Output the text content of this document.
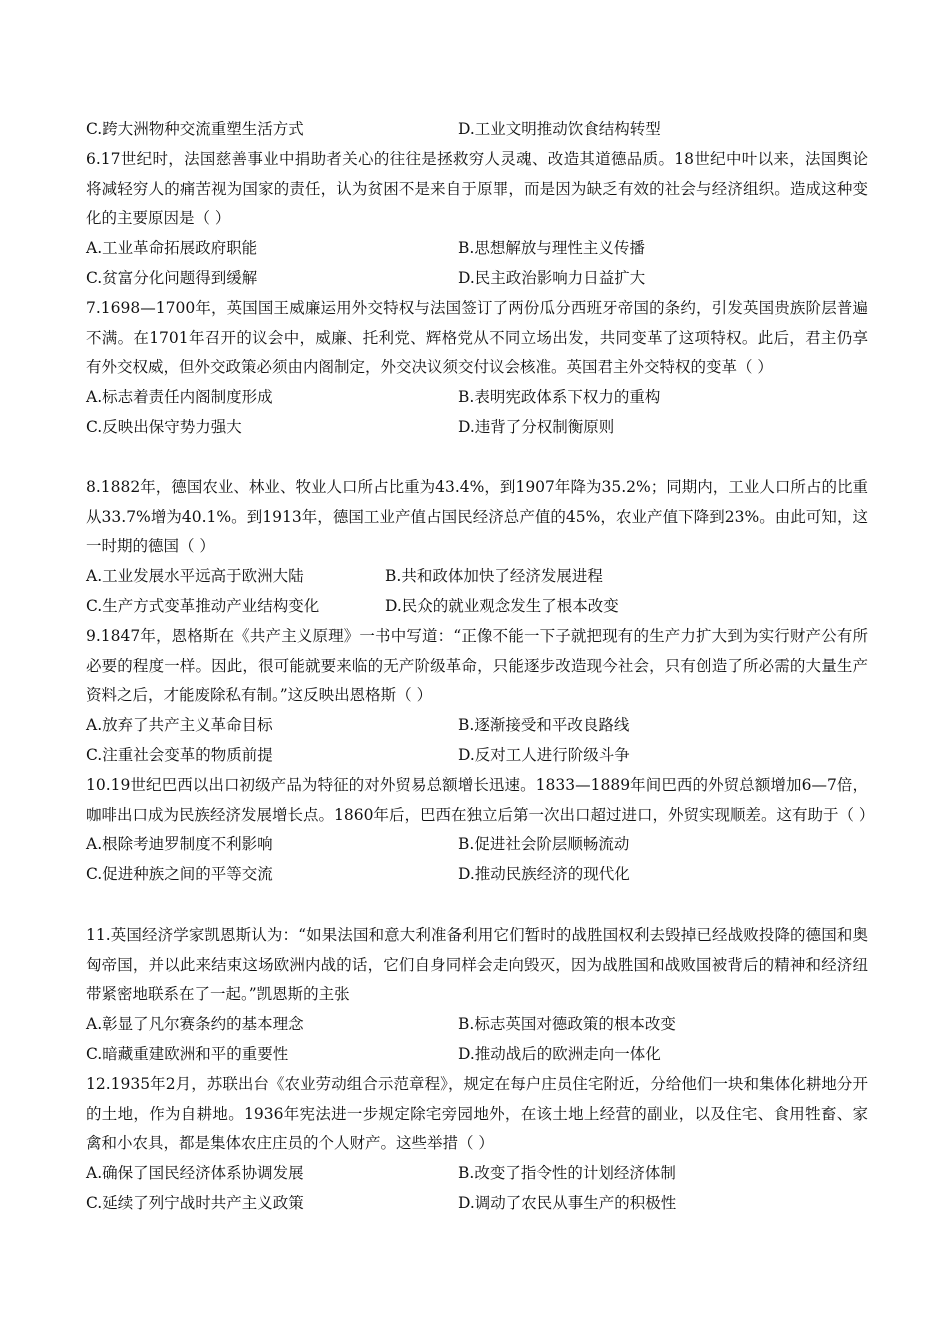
C.跨大洲物种交流重塑生活方式	D.工业文明推动饮食结构转型

6.17世纪时，法国慈善事业中捐助者关心的往往是拯救穷人灵魂、改造其道德品质。18世纪中叶以来，法国舆论将减轻穷人的痛苦视为国家的责任，认为贫困不是来自于原罪，而是因为缺乏有效的社会与经济组织。造成这种变化的主要原因是（ ）

A.工业革命拓展政府职能	B.思想解放与理性主义传播
C.贫富分化问题得到缓解	D.民主政治影响力日益扩大

7.1698—1700年，英国国王威廉运用外交特权与法国签订了两份瓜分西班牙帝国的条约，引发英国贵族阶层普遍不满。在1701年召开的议会中，威廉、托利党、辉格党从不同立场出发，共同变革了这项特权。此后，君主仍享有外交权威，但外交政策必须由内阁制定，外交决议须交付议会核准。英国君主外交特权的变革（ ）

A.标志着责任内阁制度形成	B.表明宪政体系下权力的重构
C.反映出保守势力强大	D.违背了分权制衡原则

8.1882年，德国农业、林业、牧业人口所占比重为43.4%，到1907年降为35.2%；同期内，工业人口所占的比重从33.7%增为40.1%。到1913年，德国工业产值占国民经济总产值的45%，农业产值下降到23%。由此可知，这一时期的德国（ ）

A.工业发展水平远高于欧洲大陆	B.共和政体加快了经济发展进程
C.生产方式变革推动产业结构变化	D.民众的就业观念发生了根本改变

9.1847年，恩格斯在《共产主义原理》一书中写道：“正像不能一下子就把现有的生产力扩大到为实行财产公有所必要的程度一样。因此，很可能就要来临的无产阶级革命，只能逐步改造现今社会，只有创造了所必需的大量生产资料之后，才能废除私有制。”这反映出恩格斯（ ）

A.放弃了共产主义革命目标	B.逐渐接受和平改良路线
C.注重社会变革的物质前提	D.反对工人进行阶级斗争

10.19世纪巴西以出口初级产品为特征的对外贸易总额增长迅速。1833—1889年间巴西的外贸总额增加6—7倍，咖啡出口成为民族经济发展增长点。1860年后，巴西在独立后第一次出口超过进口，外贸实现顺差。这有助于（ ）

A.根除考迪罗制度不利影响	B.促进社会阶层顺畅流动
C.促进种族之间的平等交流	D.推动民族经济的现代化

11.英国经济学家凯恩斯认为：“如果法国和意大利准备利用它们暂时的战胜国权利去毁掉已经战败投降的德国和奥匈帝国，并以此来结束这场欧洲内战的话，它们自身同样会走向毁灭，因为战胜国和战败国被背后的精神和经济纽带紧密地联系在了一起。”凯恩斯的主张

A.彰显了凡尔赛条约的基本理念	B.标志英国对德政策的根本改变
C.暗藏重建欧洲和平的重要性	D.推动战后的欧洲走向一体化

12.1935年2月，苏联出台《农业劳动组合示范章程》，规定在每户庄员住宅附近，分给他们一块和集体化耕地分开的土地，作为自耕地。1936年宪法进一步规定除宅旁园地外，在该土地上经营的副业，以及住宅、食用牲畜、家禽和小农具，都是集体农庄庄员的个人财产。这些举措（ ）

A.确保了国民经济体系协调发展	B.改变了指令性的计划经济体制
C.延续了列宁战时共产主义政策	D.调动了农民从事生产的积极性
